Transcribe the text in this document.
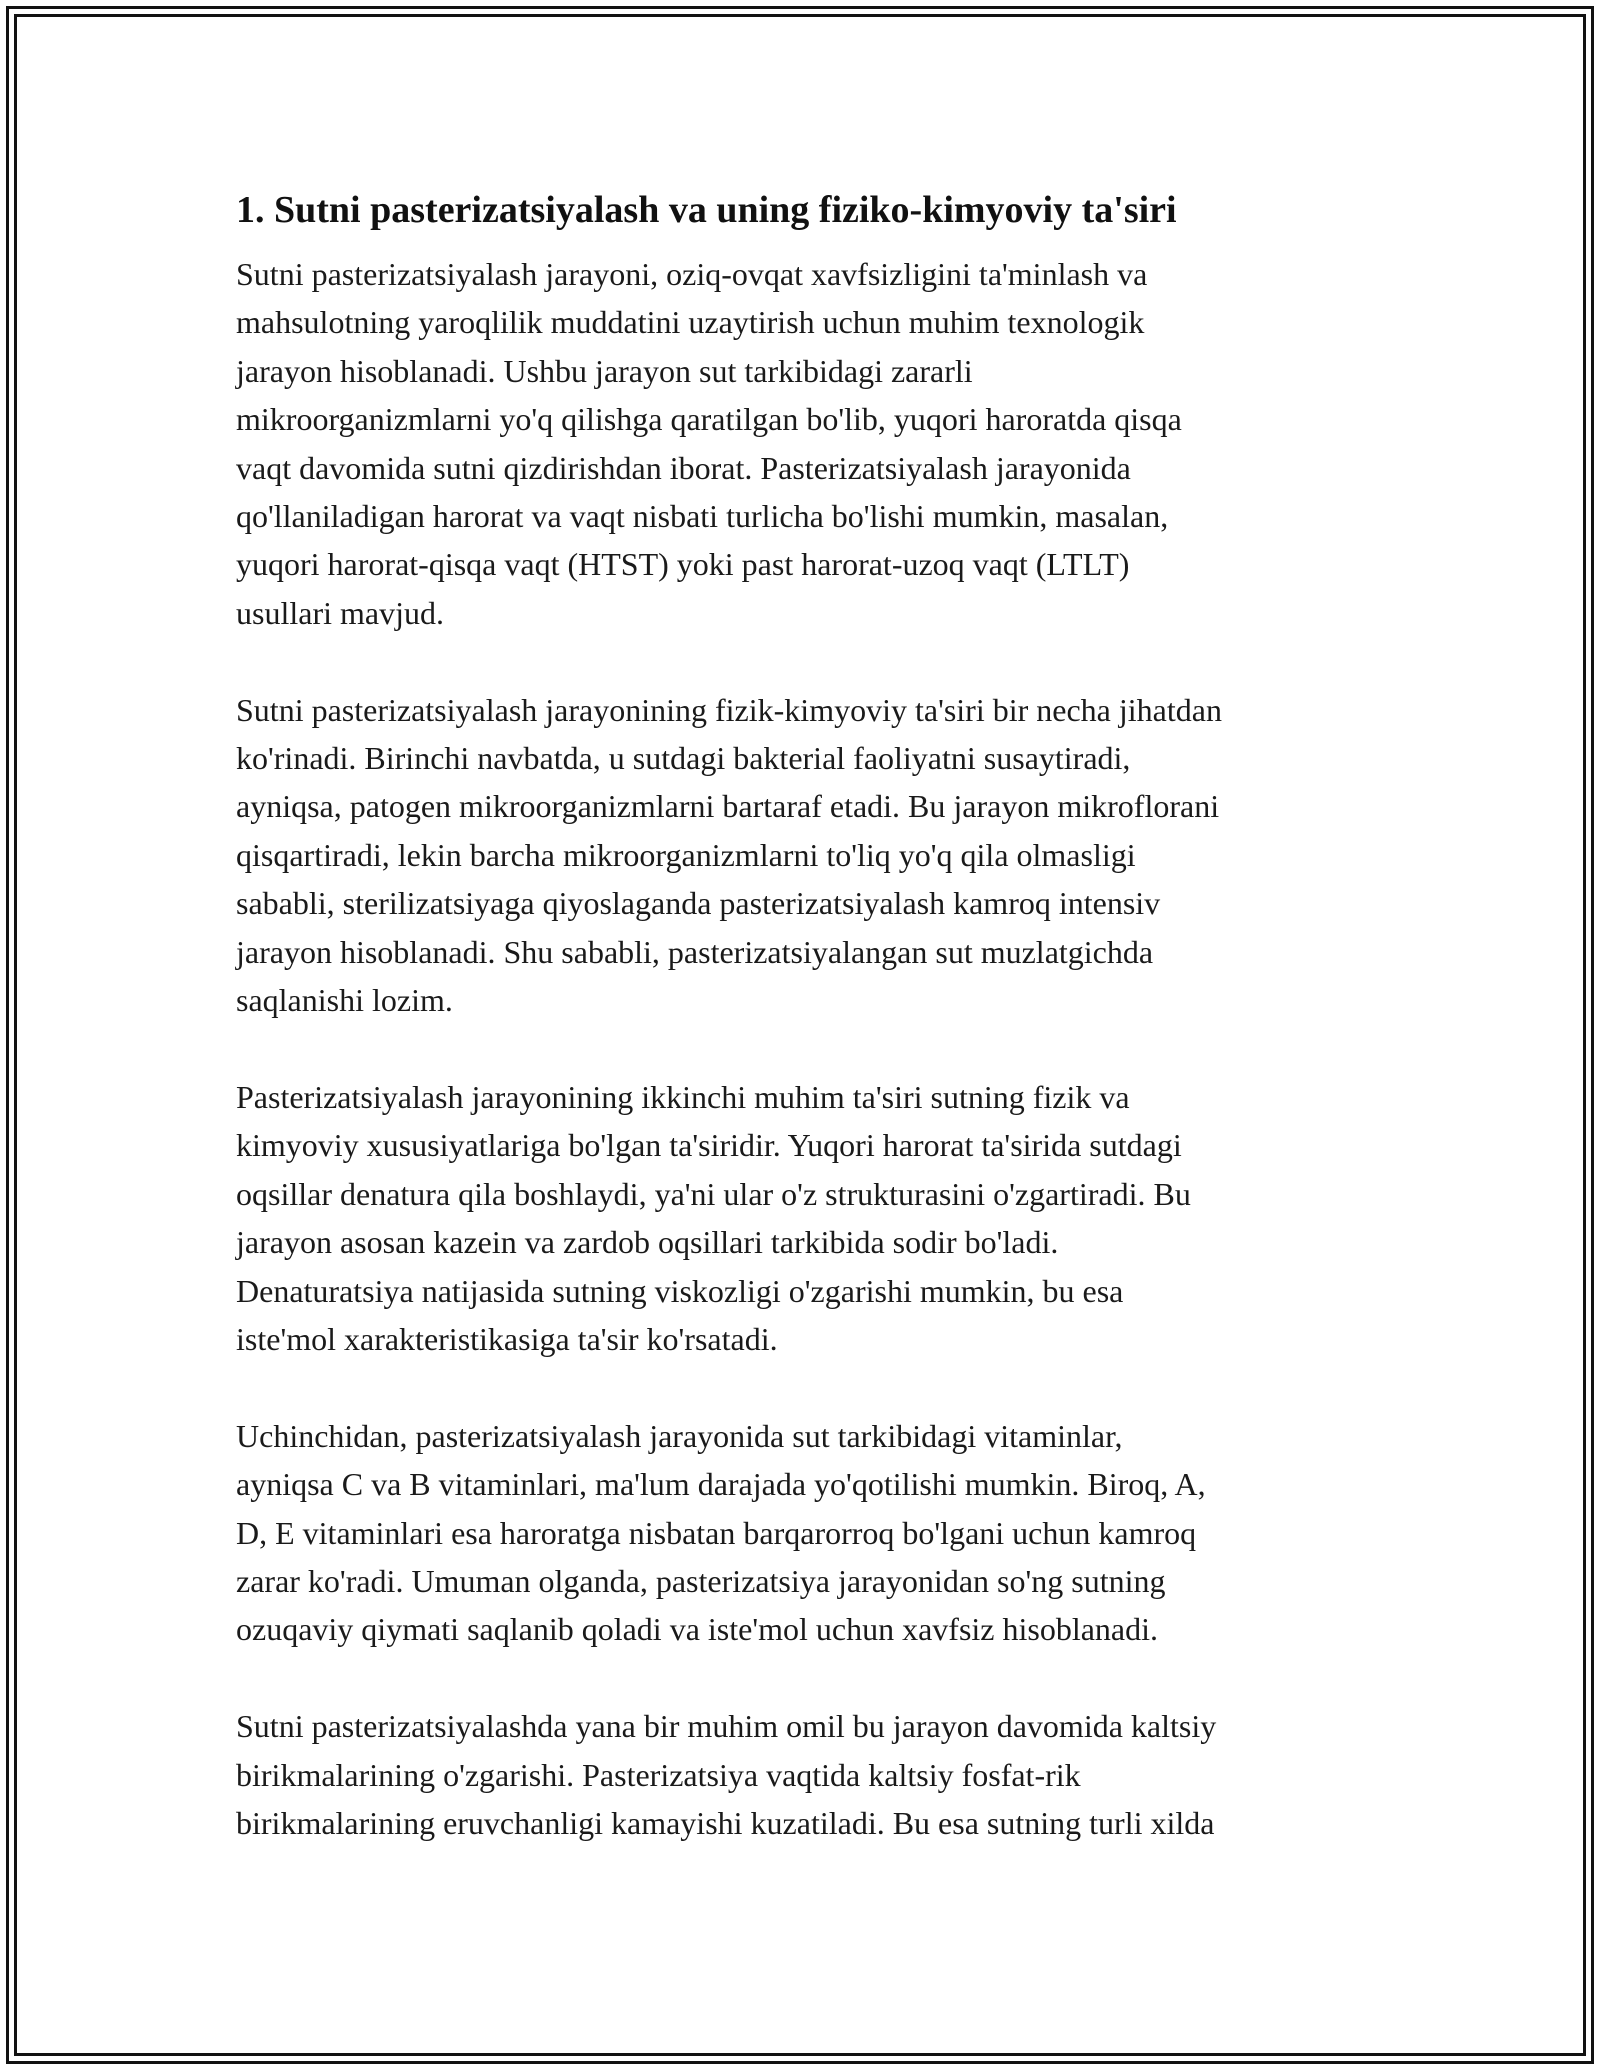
1. Sutni pasterizatsiyalash va uning fiziko-kimyoviy ta'siri

Sutni pasterizatsiyalash jarayoni, oziq-ovqat xavfsizligini ta'minlash va
mahsulotning yaroqlilik muddatini uzaytirish uchun muhim texnologik
jarayon hisoblanadi. Ushbu jarayon sut tarkibidagi zararli
mikroorganizmlarni yo'q qilishga qaratilgan bo'lib, yuqori haroratda qisqa
vaqt davomida sutni qizdirishdan iborat. Pasterizatsiyalash jarayonida
qo'llaniladigan harorat va vaqt nisbati turlicha bo'lishi mumkin, masalan,
yuqori harorat-qisqa vaqt (HTST) yoki past harorat-uzoq vaqt (LTLT)
usullari mavjud.

Sutni pasterizatsiyalash jarayonining fizik-kimyoviy ta'siri bir necha jihatdan
ko'rinadi. Birinchi navbatda, u sutdagi bakterial faoliyatni susaytiradi,
ayniqsa, patogen mikroorganizmlarni bartaraf etadi. Bu jarayon mikroflorani
qisqartiradi, lekin barcha mikroorganizmlarni to'liq yo'q qila olmasligi
sababli, sterilizatsiyaga qiyoslaganda pasterizatsiyalash kamroq intensiv
jarayon hisoblanadi. Shu sababli, pasterizatsiyalangan sut muzlatgichda
saqlanishi lozim.

Pasterizatsiyalash jarayonining ikkinchi muhim ta'siri sutning fizik va
kimyoviy xususiyatlariga bo'lgan ta'siridir. Yuqori harorat ta'sirida sutdagi
oqsillar denatura qila boshlaydi, ya'ni ular o'z strukturasini o'zgartiradi. Bu
jarayon asosan kazein va zardob oqsillari tarkibida sodir bo'ladi.
Denaturatsiya natijasida sutning viskozligi o'zgarishi mumkin, bu esa
iste'mol xarakteristikasiga ta'sir ko'rsatadi.

Uchinchidan, pasterizatsiyalash jarayonida sut tarkibidagi vitaminlar,
ayniqsa C va B vitaminlari, ma'lum darajada yo'qotilishi mumkin. Biroq, A,
D, E vitaminlari esa haroratga nisbatan barqarorroq bo'lgani uchun kamroq
zarar ko'radi. Umuman olganda, pasterizatsiya jarayonidan so'ng sutning
ozuqaviy qiymati saqlanib qoladi va iste'mol uchun xavfsiz hisoblanadi.

Sutni pasterizatsiyalashda yana bir muhim omil bu jarayon davomida kaltsiy
birikmalarining o'zgarishi. Pasterizatsiya vaqtida kaltsiy fosfat-rik
birikmalarining eruvchanligi kamayishi kuzatiladi. Bu esa sutning turli xilda
